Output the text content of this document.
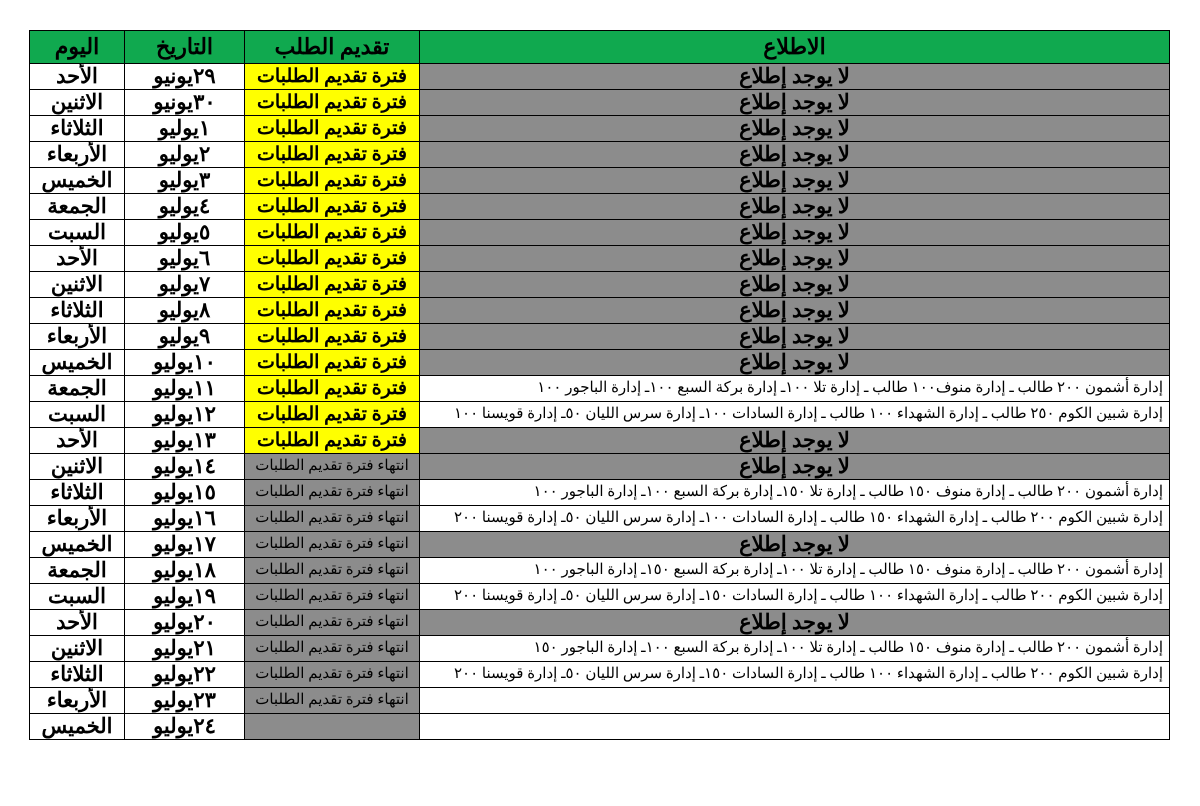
الاطلاع	تقديم الطلب	التاريخ	اليوم
لا يوجد إطلاع	فترة تقديم الطلبات	٢٩يونيو	الأحد
لا يوجد إطلاع	فترة تقديم الطلبات	٣٠يونيو	الاثنين
لا يوجد إطلاع	فترة تقديم الطلبات	١يوليو	الثلاثاء
لا يوجد إطلاع	فترة تقديم الطلبات	٢يوليو	الأربعاء
لا يوجد إطلاع	فترة تقديم الطلبات	٣يوليو	الخميس
لا يوجد إطلاع	فترة تقديم الطلبات	٤يوليو	الجمعة
لا يوجد إطلاع	فترة تقديم الطلبات	٥يوليو	السبت
لا يوجد إطلاع	فترة تقديم الطلبات	٦يوليو	الأحد
لا يوجد إطلاع	فترة تقديم الطلبات	٧يوليو	الاثنين
لا يوجد إطلاع	فترة تقديم الطلبات	٨يوليو	الثلاثاء
لا يوجد إطلاع	فترة تقديم الطلبات	٩يوليو	الأربعاء
لا يوجد إطلاع	فترة تقديم الطلبات	١٠يوليو	الخميس
إدارة أشمون ٢٠٠ طالب ـ إدارة منوف١٠٠ طالب ـ إدارة تلا ١٠٠ـ إدارة بركة السبع ١٠٠ـ إدارة الباجور ١٠٠	فترة تقديم الطلبات	١١يوليو	الجمعة
إدارة شبين الكوم ٢٥٠ طالب ـ إدارة الشهداء ١٠٠ طالب ـ إدارة السادات ١٠٠ـ إدارة سرس الليان ٥٠ـ إدارة قويسنا ١٠٠	فترة تقديم الطلبات	١٢يوليو	السبت
لا يوجد إطلاع	فترة تقديم الطلبات	١٣يوليو	الأحد
لا يوجد إطلاع	انتهاء فترة تقديم الطلبات	١٤يوليو	الاثنين
إدارة أشمون ٢٠٠ طالب ـ إدارة منوف ١٥٠ طالب ـ إدارة تلا ١٥٠ـ إدارة بركة السبع ١٠٠ـ إدارة الباجور ١٠٠	انتهاء فترة تقديم الطلبات	١٥يوليو	الثلاثاء
إدارة شبين الكوم ٢٠٠ طالب ـ إدارة الشهداء ١٥٠ طالب ـ إدارة السادات ١٠٠ـ إدارة سرس الليان ٥٠ـ إدارة قويسنا ٢٠٠	انتهاء فترة تقديم الطلبات	١٦يوليو	الأربعاء
لا يوجد إطلاع	انتهاء فترة تقديم الطلبات	١٧يوليو	الخميس
إدارة أشمون ٢٠٠ طالب ـ إدارة منوف ١٥٠ طالب ـ إدارة تلا ١٠٠ـ إدارة بركة السبع ١٥٠ـ إدارة الباجور ١٠٠	انتهاء فترة تقديم الطلبات	١٨يوليو	الجمعة
إدارة شبين الكوم ٢٠٠ طالب ـ إدارة الشهداء ١٠٠ طالب ـ إدارة السادات ١٥٠ـ إدارة سرس الليان ٥٠ـ إدارة قويسنا ٢٠٠	انتهاء فترة تقديم الطلبات	١٩يوليو	السبت
لا يوجد إطلاع	انتهاء فترة تقديم الطلبات	٢٠يوليو	الأحد
إدارة أشمون ٢٠٠ طالب ـ إدارة منوف ١٥٠ طالب ـ إدارة تلا ١٠٠ـ إدارة بركة السبع ١٠٠ـ إدارة الباجور ١٥٠	انتهاء فترة تقديم الطلبات	٢١يوليو	الاثنين
إدارة شبين الكوم ٢٠٠ طالب ـ إدارة الشهداء ١٠٠ طالب ـ إدارة السادات ١٥٠ـ إدارة سرس الليان ٥٠ـ إدارة قويسنا ٢٠٠	انتهاء فترة تقديم الطلبات	٢٢يوليو	الثلاثاء
	انتهاء فترة تقديم الطلبات	٢٣يوليو	الأربعاء
		٢٤يوليو	الخميس
